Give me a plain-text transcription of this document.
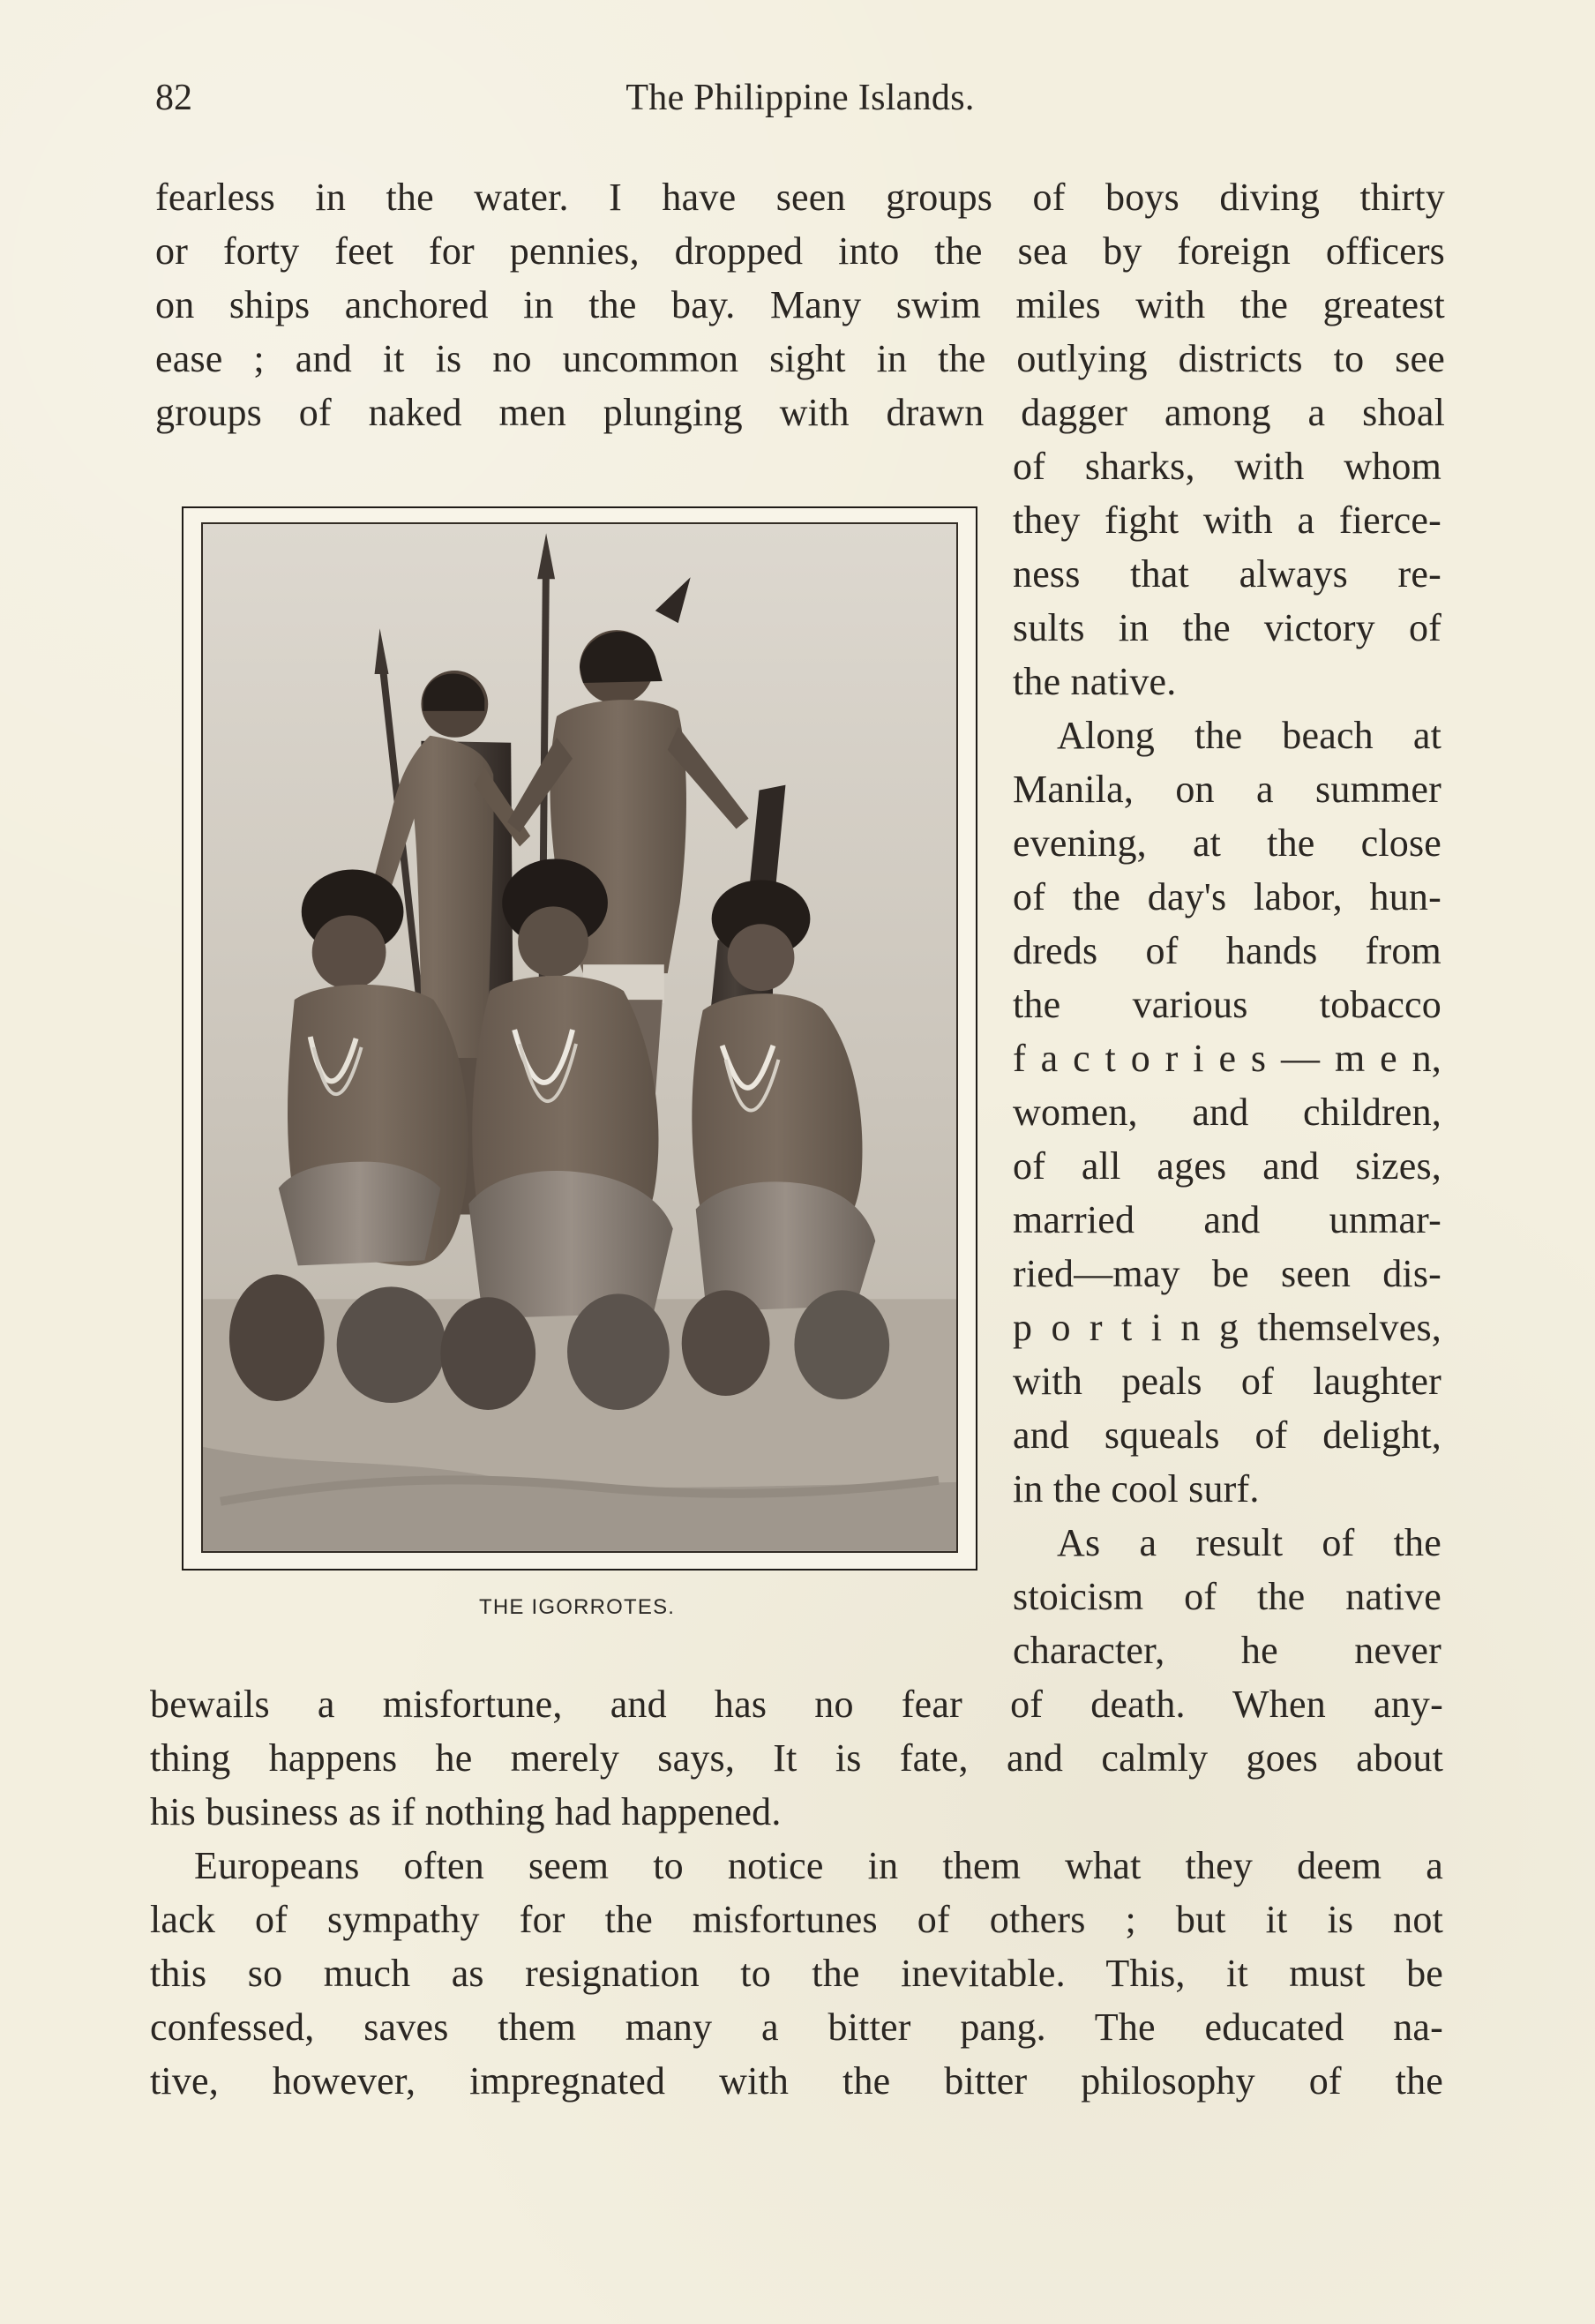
82	The Philippine Islands.
fearless in the water. I have seen groups of boys diving thirty
or forty feet for pennies, dropped into the sea by foreign officers
on ships anchored in the bay. Many swim miles with the greatest
ease ; and it is no uncommon sight in the outlying districts to see
groups of naked men plunging with drawn dagger among a shoal
of sharks, with whom
they fight with a fierce-
ness that always re-
sults in the victory of
the native.
Along the beach at
Manila, on a summer
evening, at the close
of the day's labor, hun-
dreds of hands from
the various tobacco
f a c t o r i e s — m e n,
women, and children,
of all ages and sizes,
married and unmar-
ried—may be seen dis-
p o r t i n g themselves,
with peals of laughter
and squeals of delight,
in the cool surf.
As a result of the
stoicism of the native
character, he never
bewails a misfortune, and has no fear of death. When any-
thing happens he merely says, It is fate, and calmly goes about
his business as if nothing had happened.
Europeans often seem to notice in them what they deem a
lack of sympathy for the misfortunes of others ; but it is not
this so much as resignation to the inevitable. This, it must be
confessed, saves them many a bitter pang. The educated na-
tive, however, impregnated with the bitter philosophy of the
THE IGORROTES.
